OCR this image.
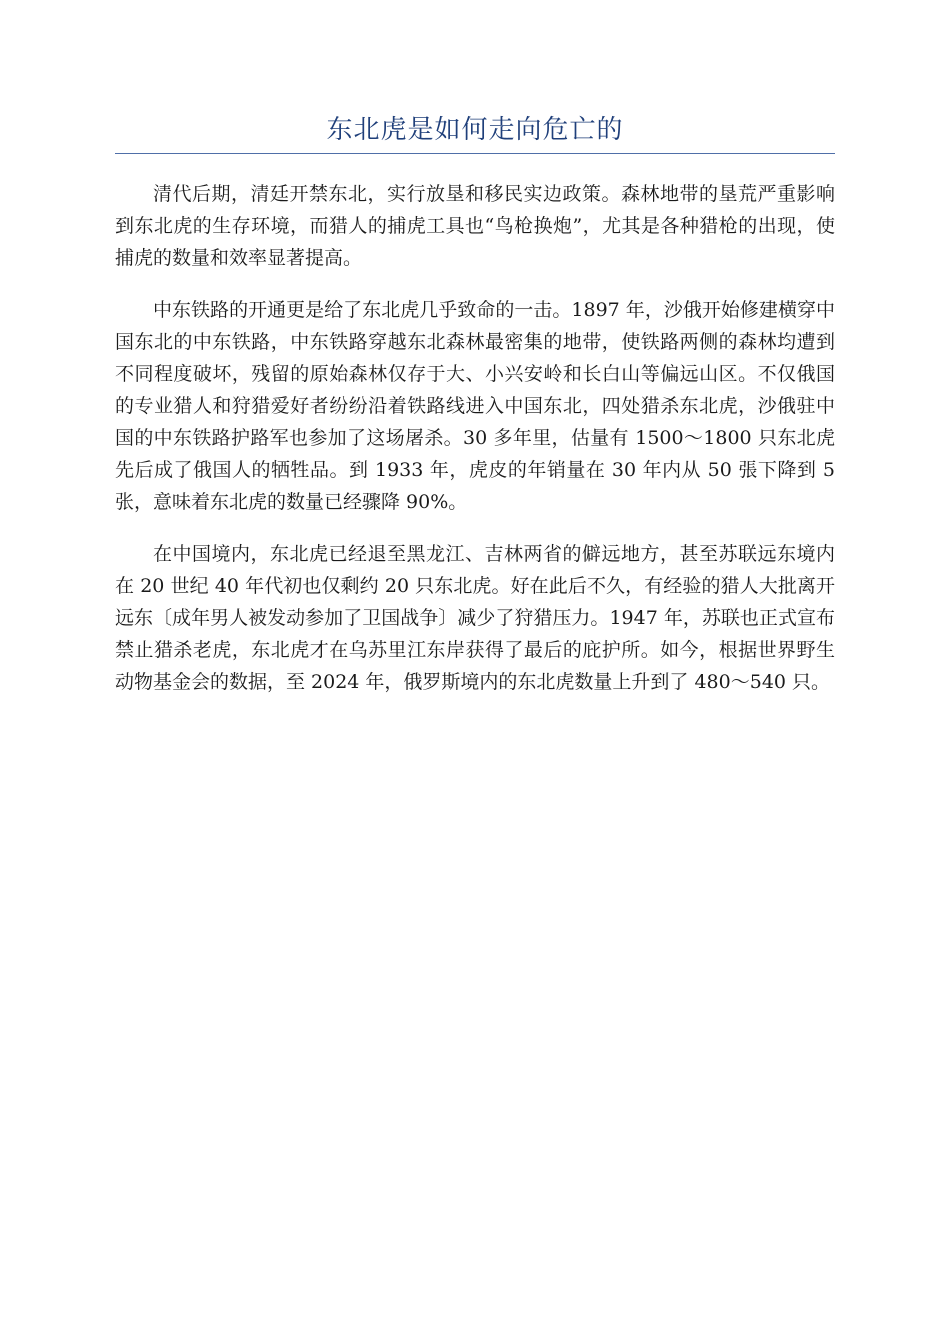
东北虎是如何走向危亡的

清代后期，清廷开禁东北，实行放垦和移民实边政策。森林地带的垦荒严重影响到东北虎的生存环境，而猎人的捕虎工具也“鸟枪换炮”，尤其是各种猎枪的出现，使捕虎的数量和效率显著提高。

中东铁路的开通更是给了东北虎几乎致命的一击。1897 年，沙俄开始修建横穿中国东北的中东铁路，中东铁路穿越东北森林最密集的地带，使铁路两侧的森林均遭到不同程度破坏，残留的原始森林仅存于大、小兴安岭和长白山等偏远山区。不仅俄国的专业猎人和狩猎爱好者纷纷沿着铁路线进入中国东北，四处猎杀东北虎，沙俄驻中国的中东铁路护路军也参加了这场屠杀。30 多年里，估量有 1500～1800 只东北虎先后成了俄国人的牺牲品。到 1933 年，虎皮的年销量在 30 年内从 50 張下降到 5 张，意味着东北虎的数量已经骤降 90%。

在中国境内，东北虎已经退至黑龙江、吉林两省的僻远地方，甚至苏联远东境内在 20 世纪 40 年代初也仅剩约 20 只东北虎。好在此后不久，有经验的猎人大批离开远东〔成年男人被发动参加了卫国战争〕减少了狩猎压力。1947 年，苏联也正式宣布禁止猎杀老虎，东北虎才在乌苏里江东岸获得了最后的庇护所。如今，根据世界野生动物基金会的数据，至 2024 年，俄罗斯境内的东北虎数量上升到了 480～540 只。
